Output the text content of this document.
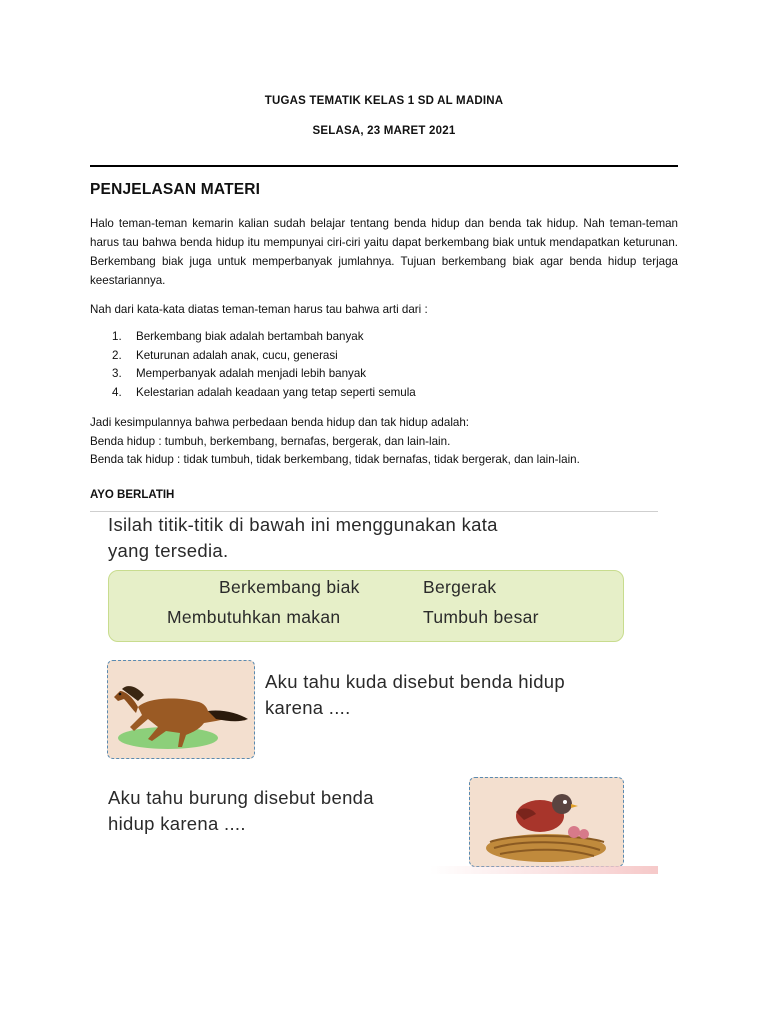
TUGAS TEMATIK KELAS 1 SD AL MADINA
SELASA, 23 MARET 2021
PENJELASAN MATERI
Halo teman-teman kemarin kalian sudah belajar tentang benda hidup dan benda tak hidup. Nah teman-teman harus tau bahwa benda hidup itu mempunyai ciri-ciri yaitu dapat berkembang biak untuk mendapatkan keturunan. Berkembang biak juga untuk memperbanyak jumlahnya. Tujuan berkembang biak agar benda hidup terjaga keestariannya.
Nah dari kata-kata diatas teman-teman harus tau bahwa arti dari :
1. Berkembang biak adalah bertambah banyak
2. Keturunan adalah anak, cucu, generasi
3. Memperbanyak adalah menjadi lebih banyak
4. Kelestarian adalah keadaan yang tetap seperti semula
Jadi kesimpulannya bahwa perbedaan benda hidup dan tak hidup adalah:
Benda hidup : tumbuh, berkembang, bernafas, bergerak, dan lain-lain.
Benda tak hidup : tidak tumbuh, tidak berkembang, tidak bernafas, tidak bergerak, dan lain-lain.
AYO BERLATIH
Isilah titik-titik di bawah ini menggunakan kata
yang tersedia.
Berkembang biak	Bergerak
Membutuhkan makan	Tumbuh besar
Aku tahu kuda disebut benda hidup
karena ....
Aku tahu burung disebut benda
hidup karena ....
